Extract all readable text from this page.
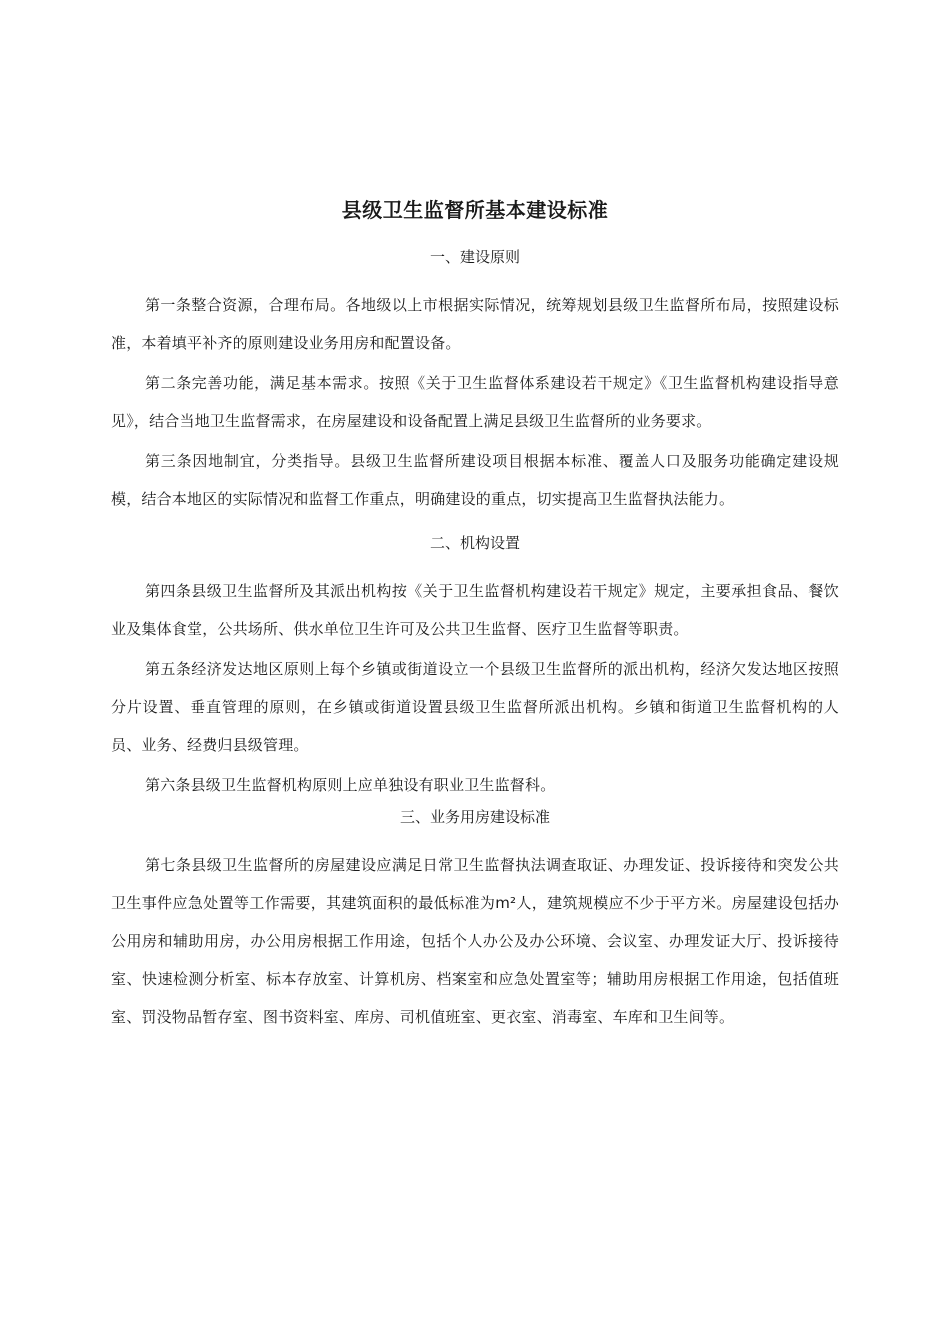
县级卫生监督所基本建设标准
一、建设原则

第一条整合资源，合理布局。各地级以上市根据实际情况，统筹规划县级卫生监督所布局，按照建设标准，本着填平补齐的原则建设业务用房和配置设备。

第二条完善功能，满足基本需求。按照《关于卫生监督体系建设若干规定》《卫生监督机构建设指导意见》，结合当地卫生监督需求，在房屋建设和设备配置上满足县级卫生监督所的业务要求。

第三条因地制宜，分类指导。县级卫生监督所建设项目根据本标准、覆盖人口及服务功能确定建设规模，结合本地区的实际情况和监督工作重点，明确建设的重点，切实提高卫生监督执法能力。

二、机构设置

第四条县级卫生监督所及其派出机构按《关于卫生监督机构建设若干规定》规定，主要承担食品、餐饮业及集体食堂，公共场所、供水单位卫生许可及公共卫生监督、医疗卫生监督等职责。

第五条经济发达地区原则上每个乡镇或街道设立一个县级卫生监督所的派出机构，经济欠发达地区按照分片设置、垂直管理的原则，在乡镇或街道设置县级卫生监督所派出机构。乡镇和街道卫生监督机构的人员、业务、经费归县级管理。

第六条县级卫生监督机构原则上应单独设有职业卫生监督科。

三、业务用房建设标准

第七条县级卫生监督所的房屋建设应满足日常卫生监督执法调查取证、办理发证、投诉接待和突发公共卫生事件应急处置等工作需要，其建筑面积的最低标准为m²人，建筑规模应不少于平方米。房屋建设包括办公用房和辅助用房，办公用房根据工作用途，包括个人办公及办公环境、会议室、办理发证大厅、投诉接待室、快速检测分析室、标本存放室、计算机房、档案室和应急处置室等；辅助用房根据工作用途，包括值班室、罚没物品暂存室、图书资料室、库房、司机值班室、更衣室、消毒室、车库和卫生间等。
